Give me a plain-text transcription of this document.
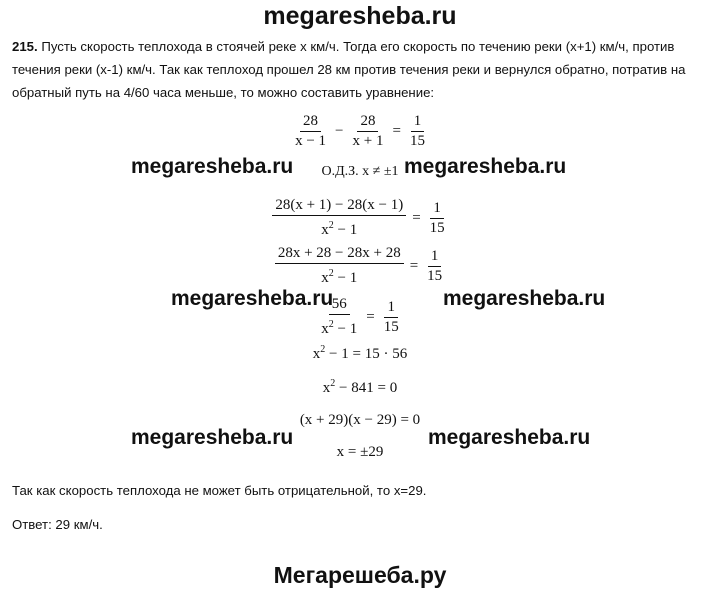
megaresheba.ru
215. Пусть скорость теплохода в стоячей реке х км/ч. Тогда его скорость по течению реки (х+1) км/ч, против течения реки (х-1) км/ч. Так как теплоход прошел 28 км против течения реки и вернулся обратно, потратив на обратный путь на 4/60 часа меньше, то можно составить уравнение:
$\frac{28}{x - 1} - \frac{28}{x + 1} = \frac{1}{15}$
О.Д.З. x ≠ ±1
$\frac{28(x + 1) - 28(x - 1)}{x^2 - 1} = \frac{1}{15}$
$\frac{28x + 28 - 28x + 28}{x^2 - 1} = \frac{1}{15}$
$\frac{56}{x^2 - 1} = \frac{1}{15}$
$x^2 - 1 = 15 \cdot 56$
$x^2 - 841 = 0$
(x + 29)(x − 29) = 0
x = ±29
Так как скорость теплохода не может быть отрицательной, то х=29.
Ответ: 29 км/ч.
megaresheba.ru	megaresheba.ru
megaresheba.ru	megaresheba.ru
megaresheba.ru	megaresheba.ru
Мегарешеба.ру
